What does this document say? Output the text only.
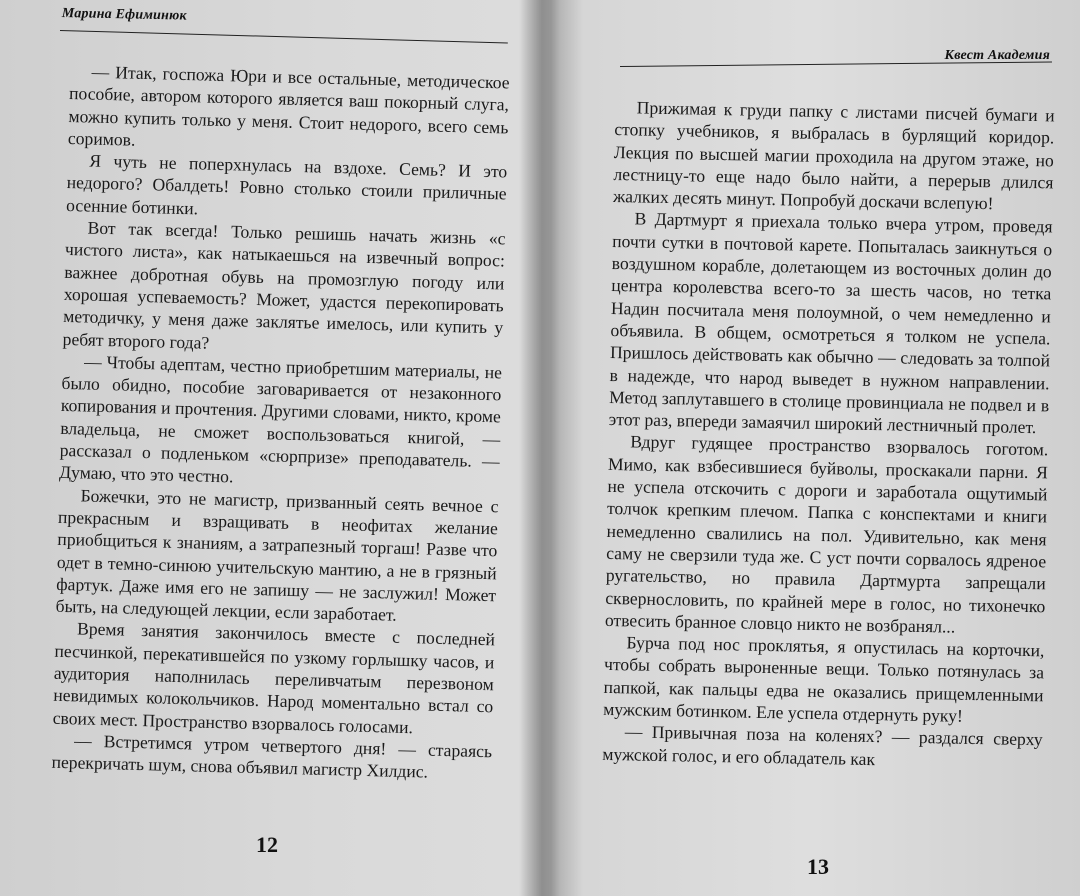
Марина Ефиминюк

— Итак, госпожа Юри и все остальные, методическое пособие, автором которого является ваш покорный слуга, можно купить только у меня. Стоит недорого, всего семь соримов.

Я чуть не поперхнулась на вздохе. Семь? И это недорого? Обалдеть! Ровно столько стоили приличные осенние ботинки.

Вот так всегда! Только решишь начать жизнь «с чистого листа», как натыкаешься на извечный вопрос: важнее добротная обувь на промозглую погоду или хорошая успеваемость? Может, удастся перекопировать методичку, у меня даже заклятье имелось, или купить у ребят второго года?

— Чтобы адептам, честно приобретшим материалы, не было обидно, пособие заговаривается от незаконного копирования и прочтения. Другими словами, никто, кроме владельца, не сможет воспользоваться книгой, — рассказал о подленьком «сюрпризе» преподаватель. — Думаю, что это честно.

Божечки, это не магистр, призванный сеять вечное с прекрасным и взращивать в неофитах желание приобщиться к знаниям, а затрапезный торгаш! Разве что одет в темно-синюю учительскую мантию, а не в грязный фартук. Даже имя его не запишу — не заслужил! Может быть, на следующей лекции, если заработает.

Время занятия закончилось вместе с последней песчинкой, перекатившейся по узкому горлышку часов, и аудитория наполнилась переливчатым перезвоном невидимых колокольчиков. Народ моментально встал со своих мест. Пространство взорвалось голосами.

— Встретимся утром четвертого дня! — стараясь перекричать шум, снова объявил магистр Хилдис.

12
Квест Академия

Прижимая к груди папку с листами писчей бумаги и стопку учебников, я выбралась в бурлящий коридор. Лекция по высшей магии проходила на другом этаже, но лестницу-то еще надо было найти, а перерыв длился жалких десять минут. Попробуй доскачи вслепую!

В Дартмурт я приехала только вчера утром, проведя почти сутки в почтовой карете. Попыталась заикнуться о воздушном корабле, долетающем из восточных долин до центра королевства всего-то за шесть часов, но тетка Надин посчитала меня полоумной, о чем немедленно и объявила. В общем, осмотреться я толком не успела. Пришлось действовать как обычно — следовать за толпой в надежде, что народ выведет в нужном направлении. Метод заплутавшего в столице провинциала не подвел и в этот раз, впереди замаячил широкий лестничный пролет.

Вдруг гудящее пространство взорвалось гоготом. Мимо, как взбесившиеся буйволы, проскакали парни. Я не успела отскочить с дороги и заработала ощутимый толчок крепким плечом. Папка с конспектами и книги немедленно свалились на пол. Удивительно, как меня саму не сверзили туда же. С уст почти сорвалось ядреное ругательство, но правила Дартмурта запрещали сквернословить, по крайней мере в голос, но тихонечко отвесить бранное словцо никто не возбранял...

Бурча под нос проклятья, я опустилась на корточки, чтобы собрать выроненные вещи. Только потянулась за папкой, как пальцы едва не оказались прищемленными мужским ботинком. Еле успела отдернуть руку!

— Привычная поза на коленях? — раздался сверху мужской голос, и его обладатель как

13
